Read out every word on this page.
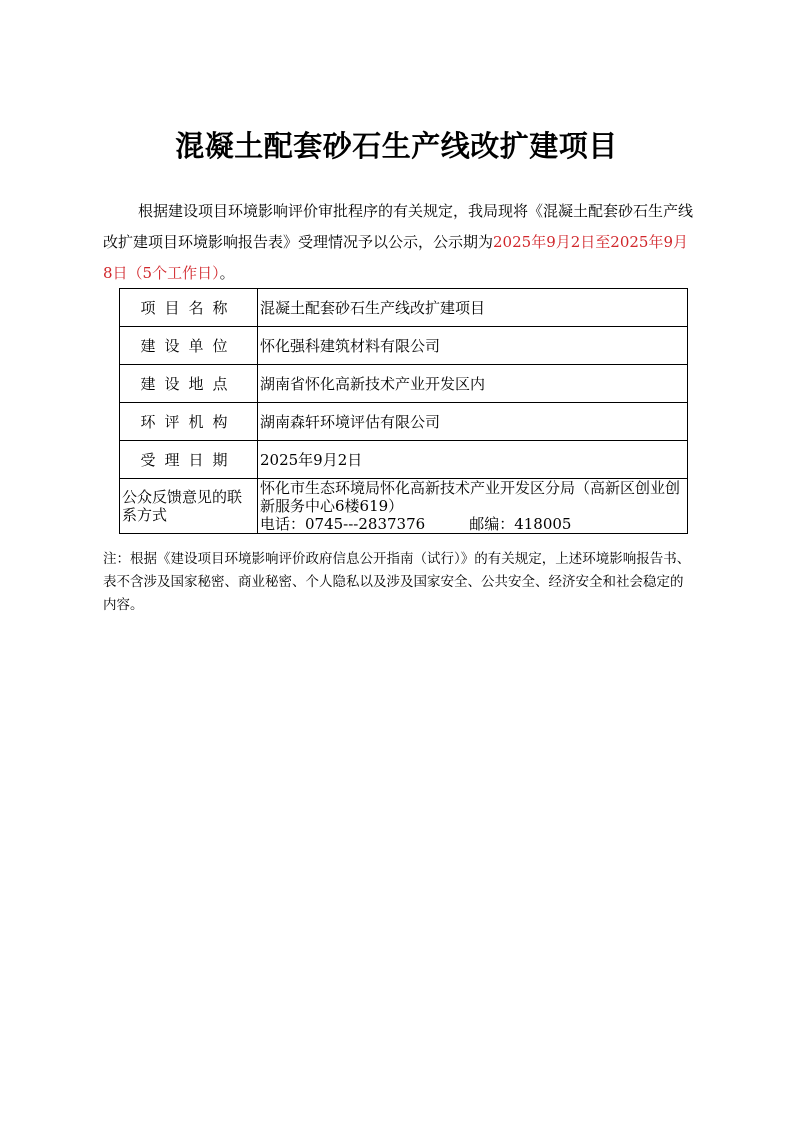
混凝土配套砂石生产线改扩建项目
根据建设项目环境影响评价审批程序的有关规定，我局现将《混凝土配套砂石生产线改扩建项目环境影响报告表》受理情况予以公示，公示期为2025年9月2日至2025年9月8日（5个工作日）。
项目名称	混凝土配套砂石生产线改扩建项目
建设单位	怀化强科建筑材料有限公司
建设地点	湖南省怀化高新技术产业开发区内
环评机构	湖南森轩环境评估有限公司
受理日期	2025年9月2日
公众反馈意见的联系方式	怀化市生态环境局怀化高新技术产业开发区分局（高新区创业创新服务中心6楼619）
电话：0745---2837376 邮编：418005
注：根据《建设项目环境影响评价政府信息公开指南（试行）》的有关规定，上述环境影响报告书、表不含涉及国家秘密、商业秘密、个人隐私以及涉及国家安全、公共安全、经济安全和社会稳定的内容。
